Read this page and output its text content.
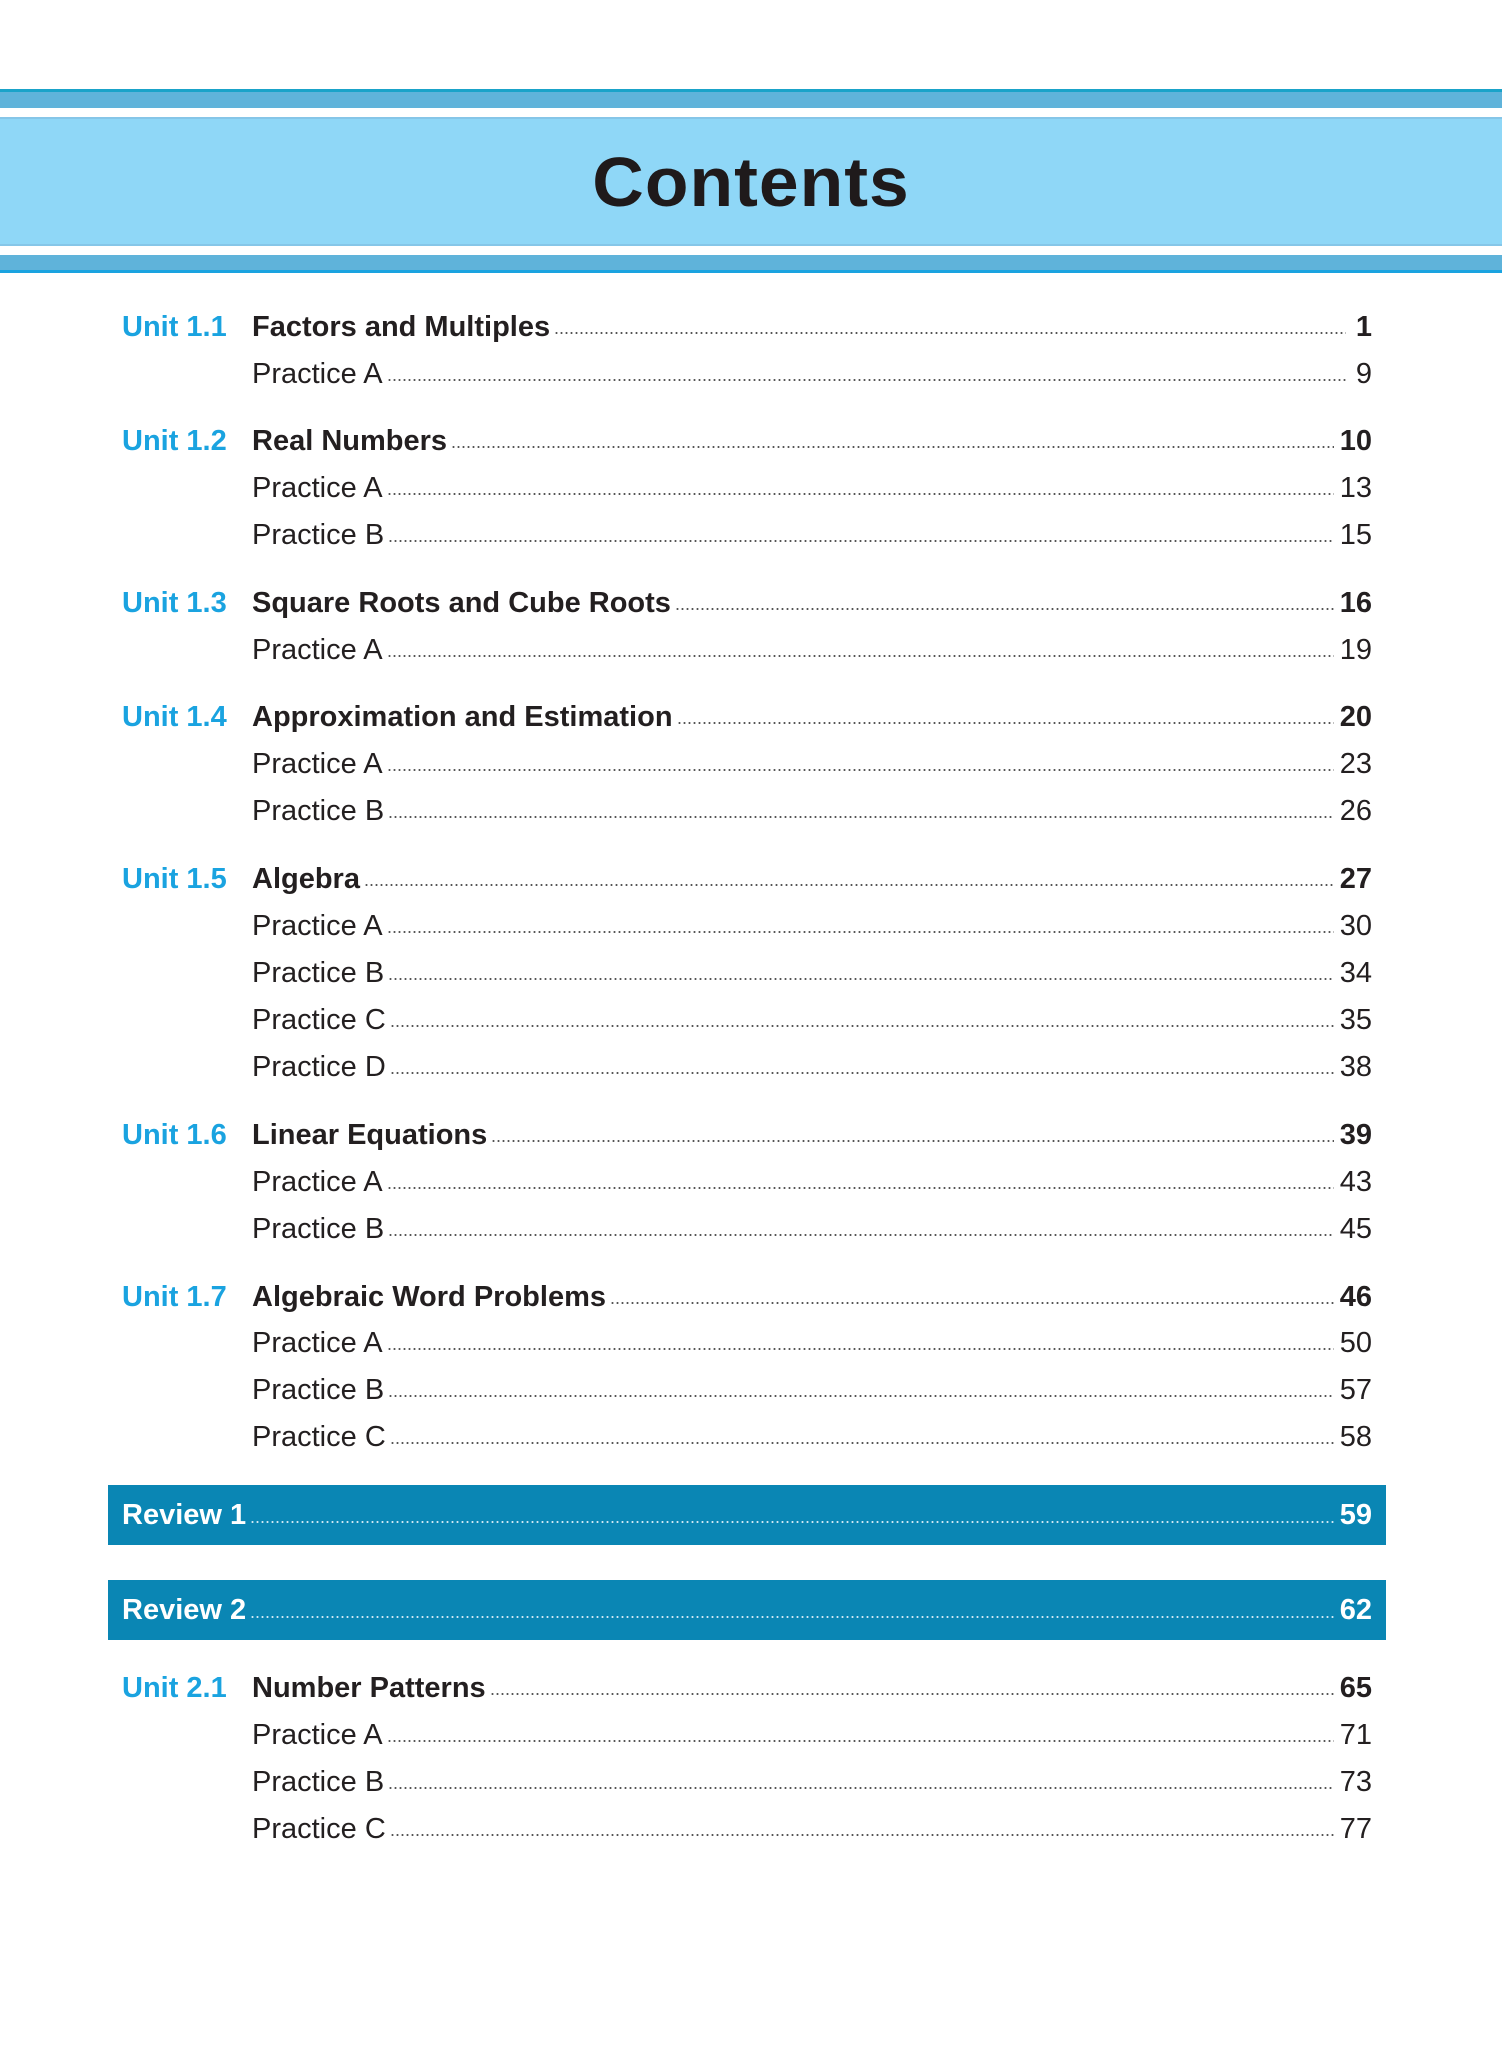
Contents
Unit 1.1 Factors and Multiples	1
Practice A	9
Unit 1.2 Real Numbers	10
Practice A	13
Practice B	15
Unit 1.3 Square Roots and Cube Roots	16
Practice A	19
Unit 1.4 Approximation and Estimation	20
Practice A	23
Practice B	26
Unit 1.5 Algebra	27
Practice A	30
Practice B	34
Practice C	35
Practice D	38
Unit 1.6 Linear Equations	39
Practice A	43
Practice B	45
Unit 1.7 Algebraic Word Problems	46
Practice A	50
Practice B	57
Practice C	58
Review 1	59
Review 2	62
Unit 2.1 Number Patterns	65
Practice A	71
Practice B	73
Practice C	77
